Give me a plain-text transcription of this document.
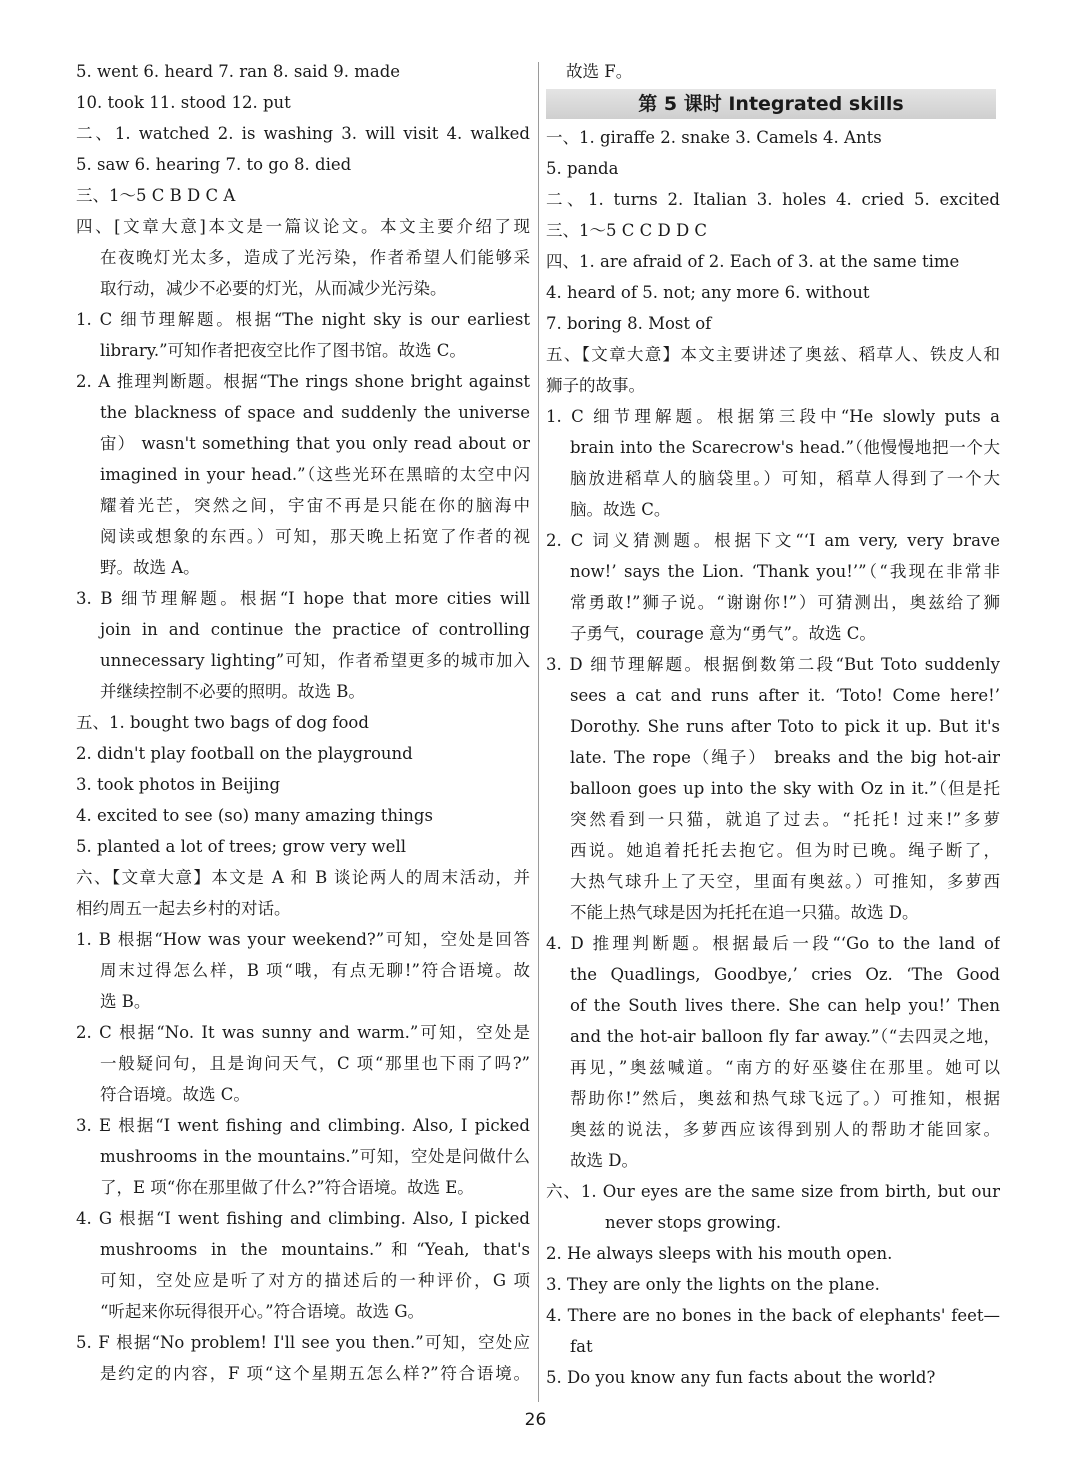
5. went 6. heard 7. ran 8. said 9. made
10. took 11. stood 12. put
二、1. watched 2. is washing 3. will visit 4. walked
5. saw 6. hearing 7. to go 8. died
三、1～5 C B D C A
四、[文章大意]本文是一篇议论文。本文主要介绍了现
在夜晚灯光太多，造成了光污染，作者希望人们能够采
取行动，减少不必要的灯光，从而减少光污染。
1. C 细节理解题。根据“The night sky is our earliest
library.”可知作者把夜空比作了图书馆。故选 C。
2. A 推理判断题。根据“The rings shone bright against
the blackness of space and suddenly the universe
宙） wasn't something that you only read about or
imagined in your head.”（这些光环在黑暗的太空中闪
耀着光芒，突然之间，宇宙不再是只能在你的脑海中
阅读或想象的东西。）可知，那天晚上拓宽了作者的视
野。故选 A。
3. B 细节理解题。根据“I hope that more cities will
join in and continue the practice of controlling
unnecessary lighting”可知，作者希望更多的城市加入
并继续控制不必要的照明。故选 B。
五、1. bought two bags of dog food
2. didn't play football on the playground
3. took photos in Beijing
4. excited to see (so) many amazing things
5. planted a lot of trees; grow very well
六、【文章大意】本文是 A 和 B 谈论两人的周末活动，并
相约周五一起去乡村的对话。
1. B 根据“How was your weekend?”可知，空处是回答
周末过得怎么样，B 项“哦，有点无聊!”符合语境。故
选 B。
2. C 根据“No. It was sunny and warm.”可知，空处是
一般疑问句，且是询问天气，C 项“那里也下雨了吗?”
符合语境。故选 C。
3. E 根据“I went fishing and climbing. Also, I picked
mushrooms in the mountains.”可知，空处是问做什么
了，E 项“你在那里做了什么?”符合语境。故选 E。
4. G 根据“I went fishing and climbing. Also, I picked
mushrooms in the mountains.”和“Yeah, that's
可知，空处应是听了对方的描述后的一种评价，G 项
“听起来你玩得很开心。”符合语境。故选 G。
5. F 根据“No problem! I'll see you then.”可知，空处应
是约定的内容，F 项“这个星期五怎么样?”符合语境。
故选 F。
第 5 课时 Integrated skills
一、1. giraffe 2. snake 3. Camels 4. Ants
5. panda
二、1. turns 2. Italian 3. holes 4. cried 5. excited
三、1～5 C C D D C
四、1. are afraid of 2. Each of 3. at the same time
4. heard of 5. not; any more 6. without
7. boring 8. Most of
五、【文章大意】本文主要讲述了奥兹、稻草人、铁皮人和
狮子的故事。
1. C 细节理解题。根据第三段中“He slowly puts a
brain into the Scarecrow's head.”（他慢慢地把一个大
脑放进稻草人的脑袋里。）可知，稻草人得到了一个大
脑。故选 C。
2. C 词义猜测题。根据下文“‘I am very, very brave
now!’ says the Lion. ‘Thank you!’”（“我现在非常非
常勇敢!”狮子说。“谢谢你!”）可猜测出，奥兹给了狮
子勇气，courage 意为“勇气”。故选 C。
3. D 细节理解题。根据倒数第二段“But Toto suddenly
sees a cat and runs after it. ‘Toto! Come here!’
Dorothy. She runs after Toto to pick it up. But it's
late. The rope（绳子） breaks and the big hot-air
balloon goes up into the sky with Oz in it.”（但是托
突然看到一只猫，就追了过去。“托托! 过来!”多萝
西说。她追着托托去抱它。但为时已晚。绳子断了，
大热气球升上了天空，里面有奥兹。）可推知，多萝西
不能上热气球是因为托托在追一只猫。故选 D。
4. D 推理判断题。根据最后一段“‘Go to the land of
the Quadlings, Goodbye,’ cries Oz. ‘The Good
of the South lives there. She can help you!’ Then
and the hot-air balloon fly far away.”（“去四灵之地，
再见，”奥兹喊道。“南方的好巫婆住在那里。她可以
帮助你!”然后，奥兹和热气球飞远了。）可推知，根据
奥兹的说法，多萝西应该得到别人的帮助才能回家。
故选 D。
六、1. Our eyes are the same size from birth, but our
never stops growing.
2. He always sleeps with his mouth open.
3. They are only the lights on the plane.
4. There are no bones in the back of elephants' feet—
fat
5. Do you know any fun facts about the world?
26
